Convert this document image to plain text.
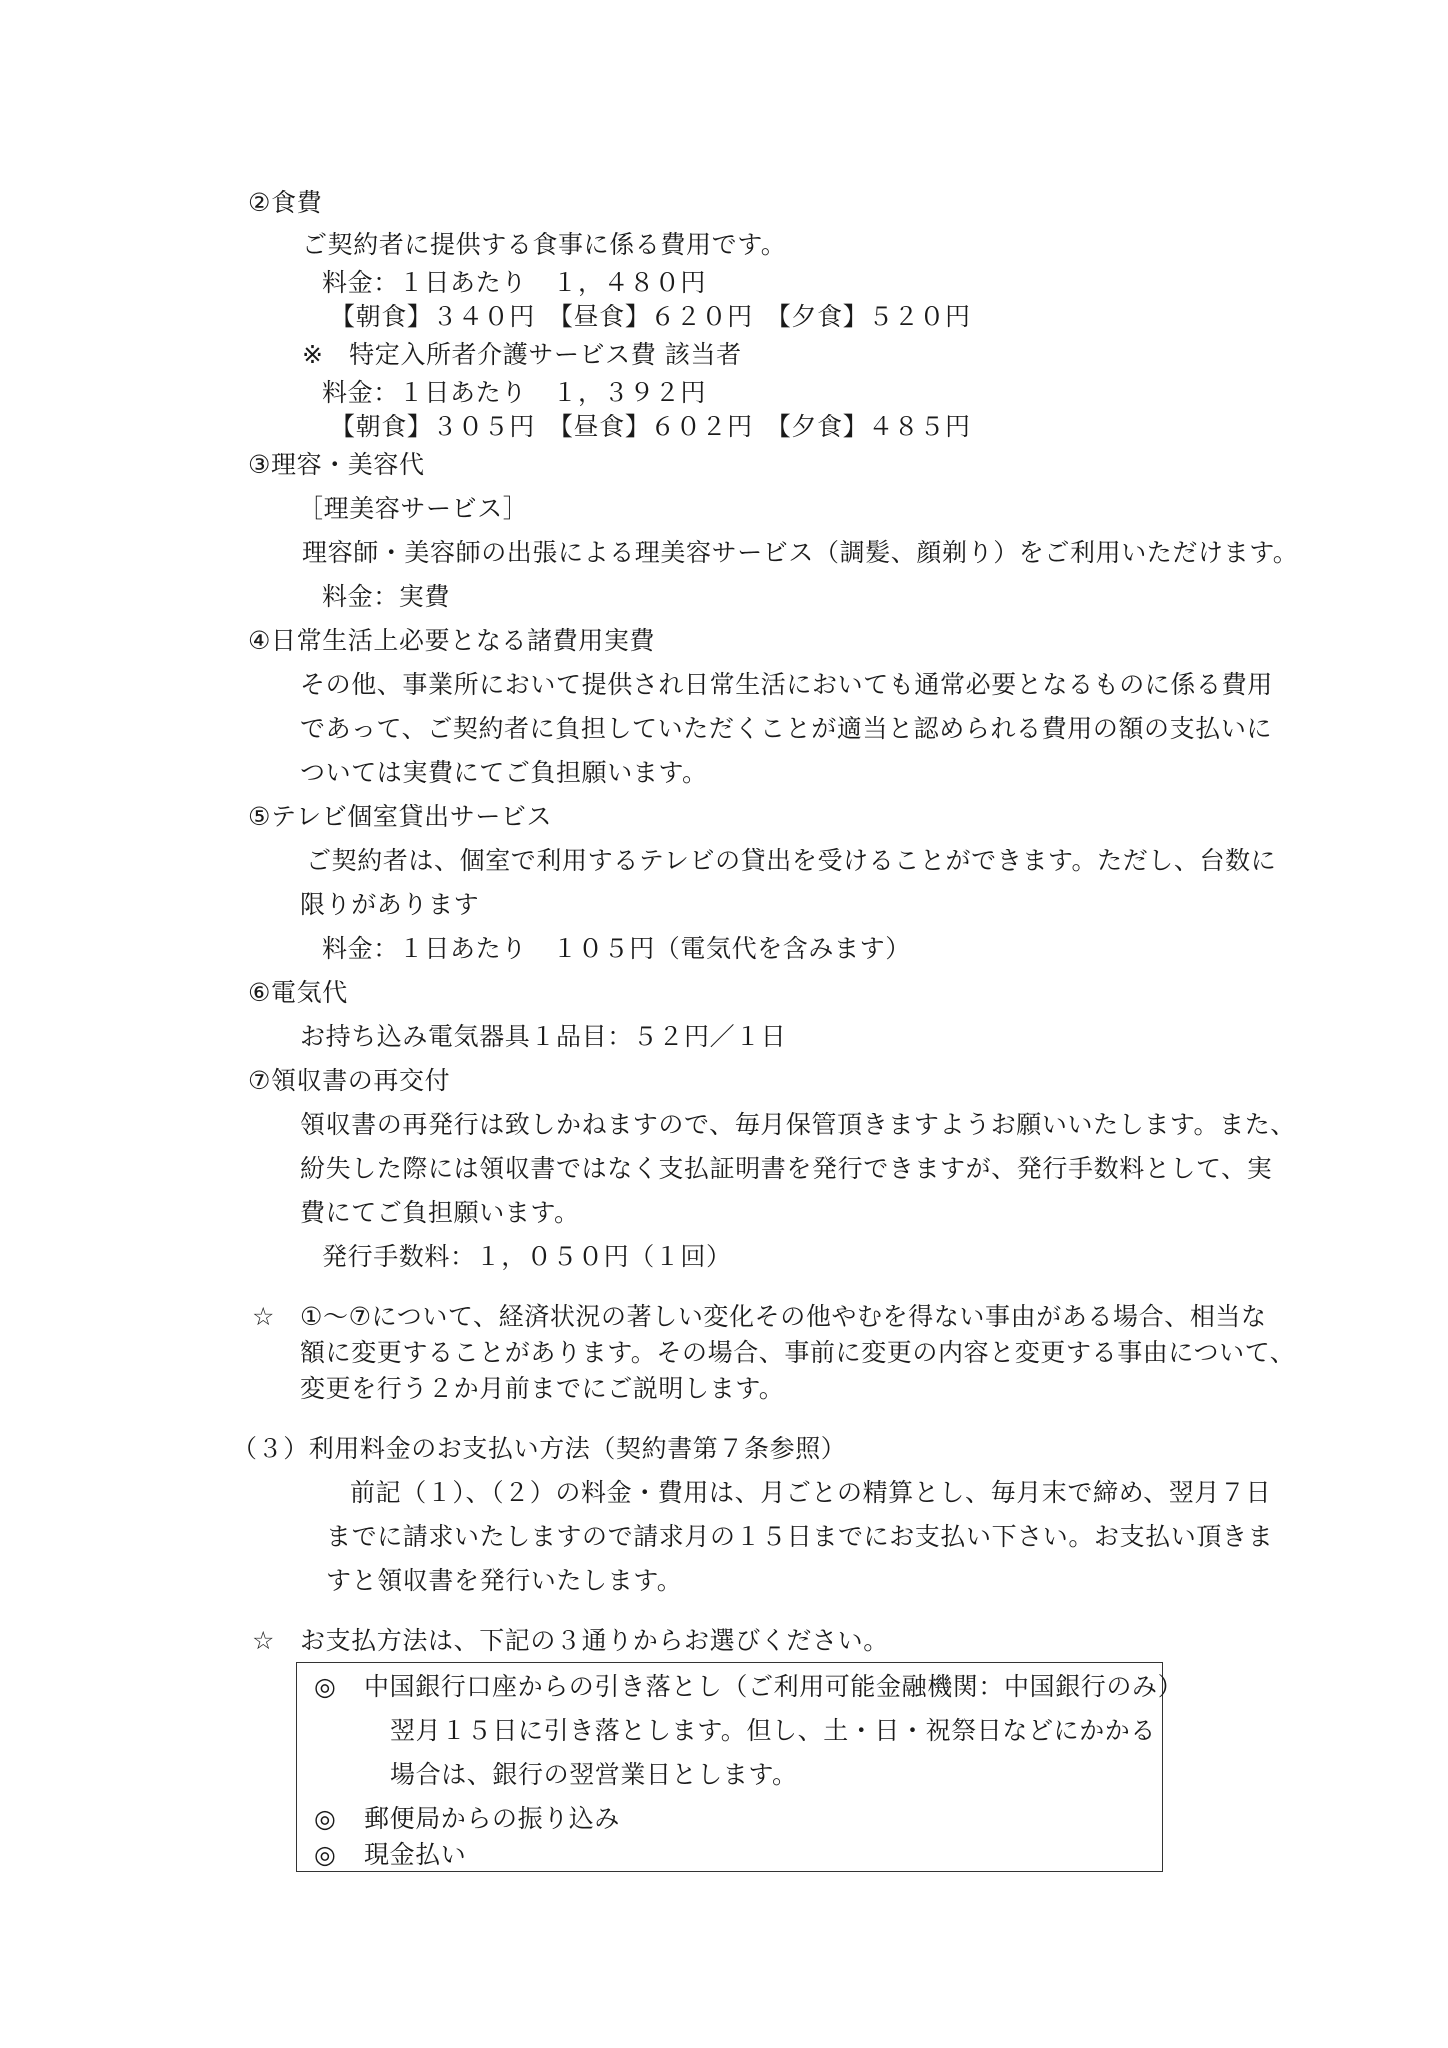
②食費
ご契約者に提供する食事に係る費用です。
料金：１日あたり　１，４８０円
【朝食】３４０円　【昼食】６２０円　【夕食】５２０円
※　特定入所者介護サービス費 該当者
料金：１日あたり　１，３９２円
【朝食】３０５円　【昼食】６０２円　【夕食】４８５円
③理容・美容代
［理美容サービス］
理容師・美容師の出張による理美容サービス（調髪、顔剃り）をご利用いただけます。
料金：実費
④日常生活上必要となる諸費用実費
その他、事業所において提供され日常生活においても通常必要となるものに係る費用
であって、ご契約者に負担していただくことが適当と認められる費用の額の支払いに
ついては実費にてご負担願います。
⑤テレビ個室貸出サービス
ご契約者は、個室で利用するテレビの貸出を受けることができます。ただし、台数に
限りがあります
料金：１日あたり　１０５円（電気代を含みます）
⑥電気代
お持ち込み電気器具１品目：５２円／１日
⑦領収書の再交付
領収書の再発行は致しかねますので、毎月保管頂きますようお願いいたします。また、
紛失した際には領収書ではなく支払証明書を発行できますが、発行手数料として、実
費にてご負担願います。
発行手数料：１，０５０円（１回）
☆ ①～⑦について、経済状況の著しい変化その他やむを得ない事由がある場合、相当な
額に変更することがあります。その場合、事前に変更の内容と変更する事由について、
変更を行う２か月前までにご説明します。
（３）利用料金のお支払い方法（契約書第７条参照）
前記（１）、（２）の料金・費用は、月ごとの精算とし、毎月末で締め、翌月７日
までに請求いたしますので請求月の１５日までにお支払い下さい。お支払い頂きま
すと領収書を発行いたします。
☆ お支払方法は、下記の３通りからお選びください。
◎ 中国銀行口座からの引き落とし（ご利用可能金融機関：中国銀行のみ）
翌月１５日に引き落とします。但し、土・日・祝祭日などにかかる
場合は、銀行の翌営業日とします。
◎ 郵便局からの振り込み
◎ 現金払い
